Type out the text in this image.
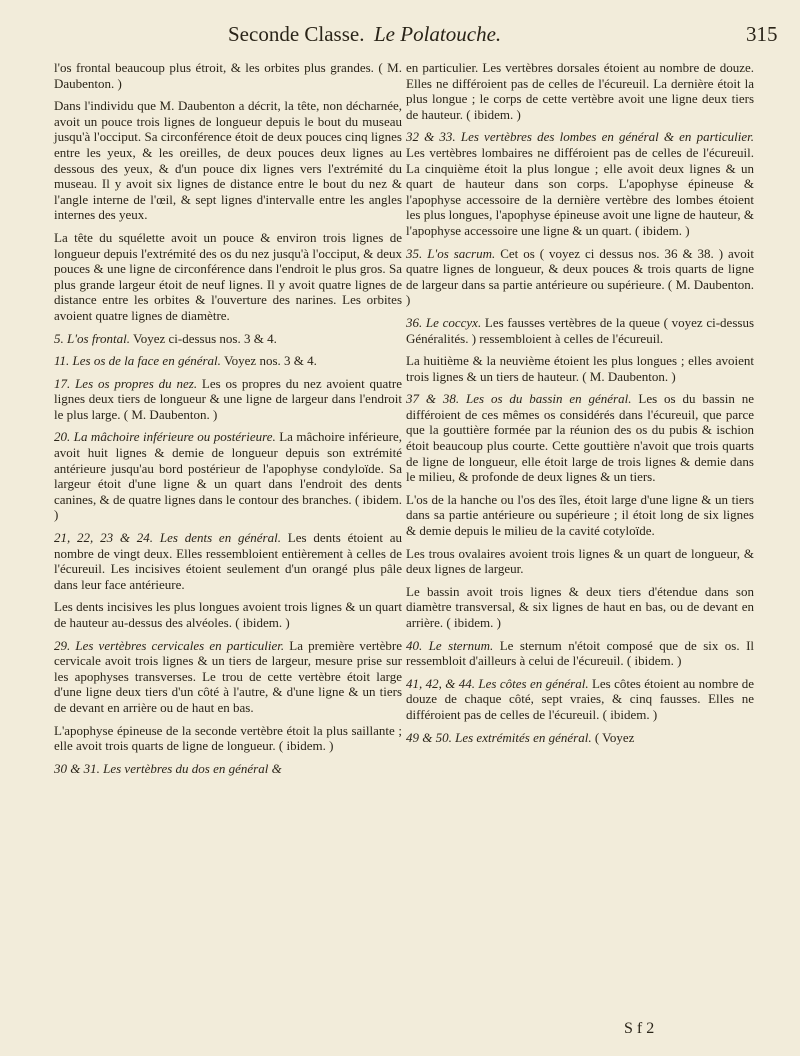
Seconde Classe. Le Polatouche.	315

l'os frontal beaucoup plus étroit, & les orbites plus grandes. ( M. Daubenton. )

Dans l'individu que M. Daubenton a décrit, la tête, non décharnée, avoit un pouce trois lignes de longueur depuis le bout du museau jusqu'à l'occiput. Sa circonférence étoit de deux pouces cinq lignes entre les yeux, & les oreilles, de deux pouces deux lignes au dessous des yeux, & d'un pouce dix lignes vers l'extrémité du museau. Il y avoit six lignes de distance entre le bout du nez & l'angle interne de l'œil, & sept lignes d'intervalle entre les angles internes des yeux.

La tête du squélette avoit un pouce & environ trois lignes de longueur depuis l'extrémité des os du nez jusqu'à l'occiput, & deux pouces & une ligne de circonférence dans l'endroit le plus gros. Sa plus grande largeur étoit de neuf lignes. Il y avoit quatre lignes de distance entre les orbites & l'ouverture des narines. Les orbites avoient quatre lignes de diamètre.

5. L'os frontal. Voyez ci-dessus nos. 3 & 4.

11. Les os de la face en général. Voyez nos. 3 & 4.

17. Les os propres du nez. Les os propres du nez avoient quatre lignes deux tiers de longueur & une ligne de largeur dans l'endroit le plus large. ( M. Daubenton. )

20. La mâchoire inférieure ou postérieure. La mâchoire inférieure, avoit huit lignes & demie de longueur depuis son extrémité antérieure jusqu'au bord postérieur de l'apophyse condyloïde. Sa largeur étoit d'une ligne & un quart dans l'endroit des dents canines, & de quatre lignes dans le contour des branches. ( ibidem. )

21, 22, 23 & 24. Les dents en général. Les dents étoient au nombre de vingt deux. Elles ressembloient entièrement à celles de l'écureuil. Les incisives étoient seulement d'un orangé plus pâle dans leur face antérieure.

Les dents incisives les plus longues avoient trois lignes & un quart de hauteur au-dessus des alvéoles. ( ibidem. )

29. Les vertèbres cervicales en particulier. La première vertèbre cervicale avoit trois lignes & un tiers de largeur, mesure prise sur les apophyses transverses. Le trou de cette vertèbre étoit large d'une ligne deux tiers d'un côté à l'autre, & d'une ligne & un tiers de devant en arrière ou de haut en bas.

L'apophyse épineuse de la seconde vertèbre étoit la plus saillante ; elle avoit trois quarts de ligne de longueur. ( ibidem. )

30 & 31. Les vertèbres du dos en général &

en particulier. Les vertèbres dorsales étoient au nombre de douze. Elles ne différoient pas de celles de l'écureuil. La dernière étoit la plus longue ; le corps de cette vertèbre avoit une ligne deux tiers de hauteur. ( ibidem. )

32 & 33. Les vertèbres des lombes en général & en particulier. Les vertèbres lombaires ne différoient pas de celles de l'écureuil. La cinquième étoit la plus longue ; elle avoit deux lignes & un quart de hauteur dans son corps. L'apophyse épineuse & l'apophyse accessoire de la dernière vertèbre des lombes étoient les plus longues, l'apophyse épineuse avoit une ligne de hauteur, & l'apophyse accessoire une ligne & un quart. ( ibidem. )

35. L'os sacrum. Cet os ( voyez ci dessus nos. 36 & 38. ) avoit quatre lignes de longueur, & deux pouces & trois quarts de ligne de largeur dans sa partie antérieure ou supérieure. ( M. Daubenton. )

36. Le coccyx. Les fausses vertèbres de la queue ( voyez ci-dessus Généralités. ) ressembloient à celles de l'écureuil.

La huitième & la neuvième étoient les plus longues ; elles avoient trois lignes & un tiers de hauteur. ( M. Daubenton. )

37 & 38. Les os du bassin en général. Les os du bassin ne différoient de ces mêmes os considérés dans l'écureuil, que parce que la gouttière formée par la réunion des os du pubis & ischion étoit beaucoup plus courte. Cette gouttière n'avoit que trois quarts de ligne de longueur, elle étoit large de trois lignes & demie dans le milieu, & profonde de deux lignes & un tiers.

L'os de la hanche ou l'os des îles, étoit large d'une ligne & un tiers dans sa partie antérieure ou supérieure ; il étoit long de six lignes & demie depuis le milieu de la cavité cotyloïde.

Les trous ovalaires avoient trois lignes & un quart de longueur, & deux lignes de largeur.

Le bassin avoit trois lignes & deux tiers d'étendue dans son diamètre transversal, & six lignes de haut en bas, ou de devant en arrière. ( ibidem. )

40. Le sternum. Le sternum n'étoit composé que de six os. Il ressembloit d'ailleurs à celui de l'écureuil. ( ibidem. )

41, 42, & 44. Les côtes en général. Les côtes étoient au nombre de douze de chaque côté, sept vraies, & cinq fausses. Elles ne différoient pas de celles de l'écureuil. ( ibidem. )

49 & 50. Les extrémités en général. ( Voyez

S f 2
